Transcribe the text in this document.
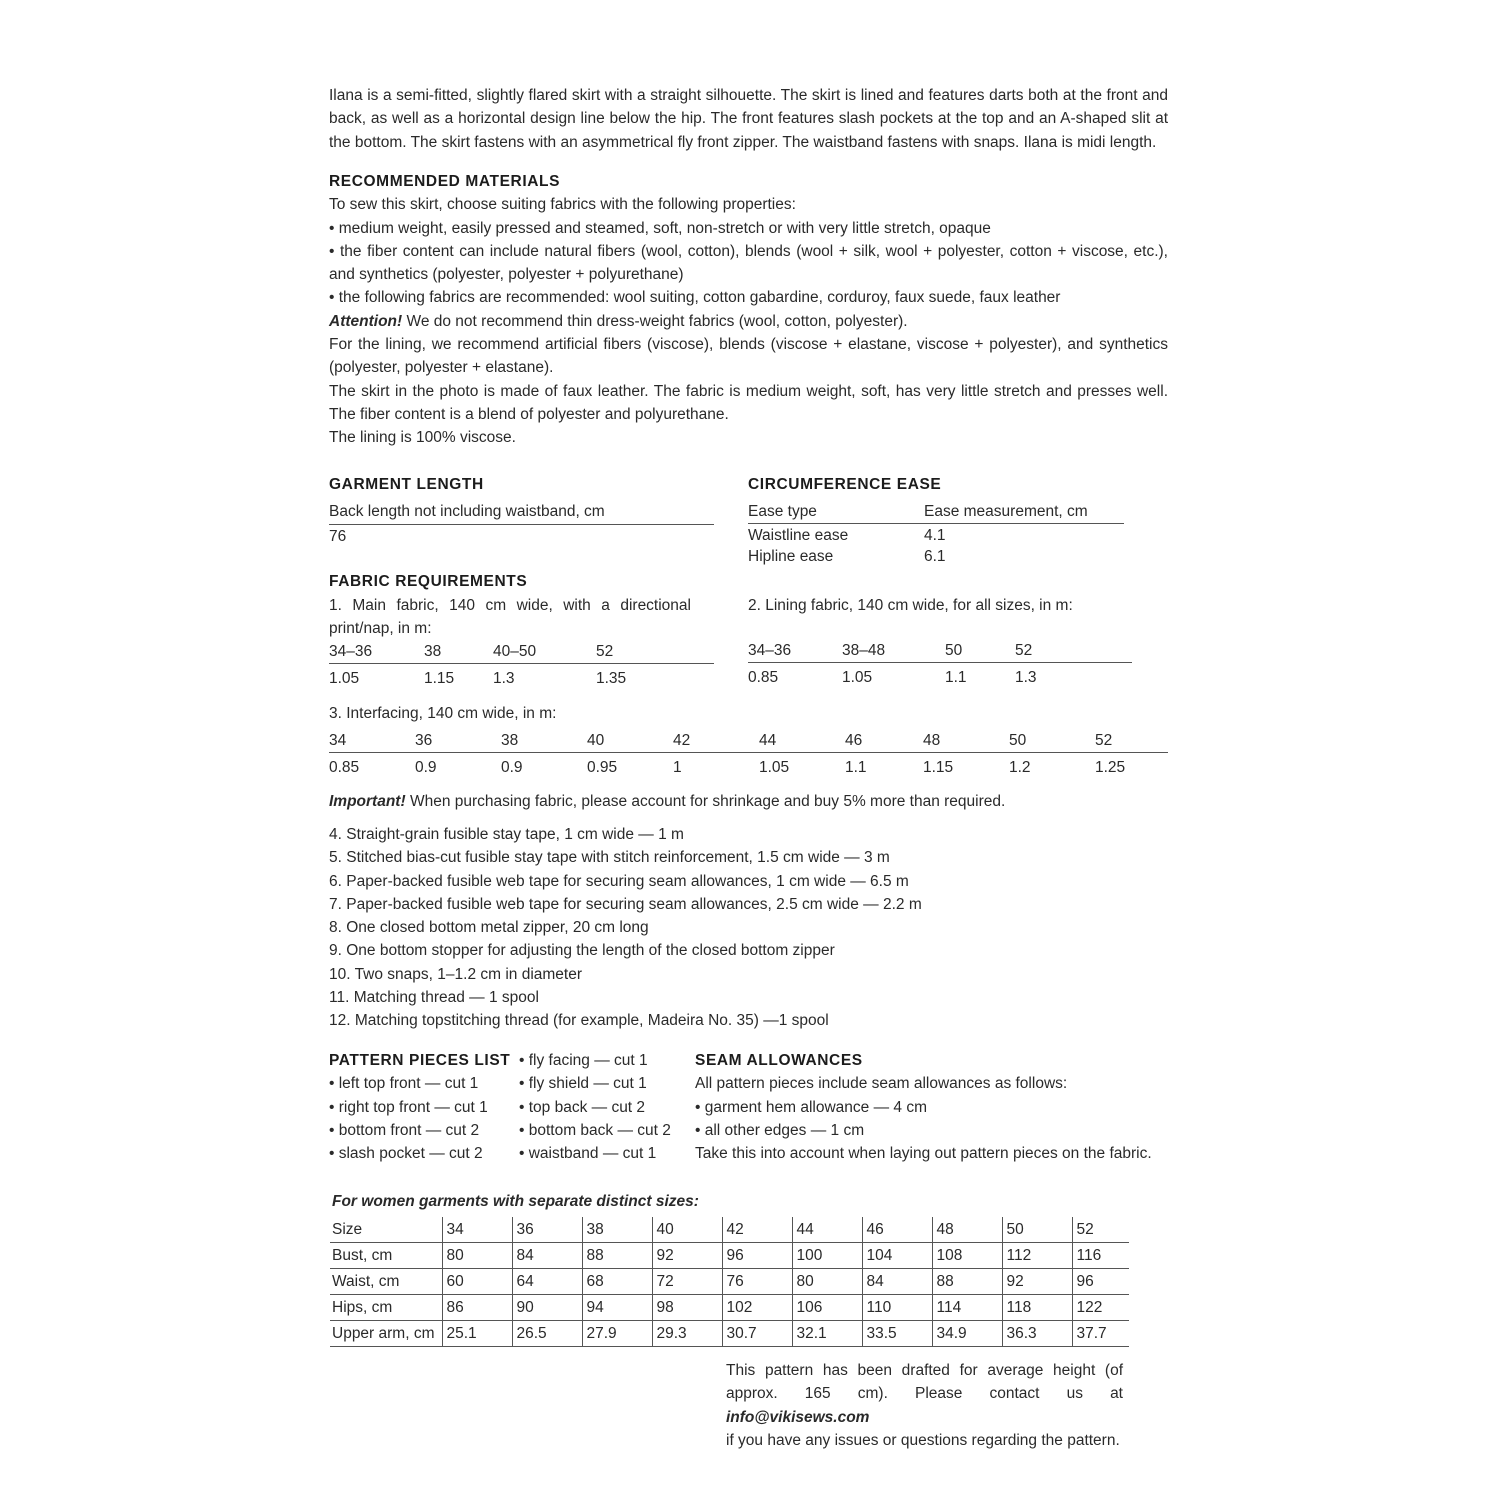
Ilana is a semi-fitted, slightly flared skirt with a straight silhouette. The skirt is lined and features darts both at the front and back, as well as a horizontal design line below the hip. The front features slash pockets at the top and an A-shaped slit at the bottom. The skirt fastens with an asymmetrical fly front zipper. The waistband fastens with snaps. Ilana is midi length.

RECOMMENDED MATERIALS

To sew this skirt, choose suiting fabrics with the following properties:

• medium weight, easily pressed and steamed, soft, non-stretch or with very little stretch, opaque

• the fiber content can include natural fibers (wool, cotton), blends (wool + silk, wool + polyester, cotton + viscose, etc.), and synthetics (polyester, polyester + polyurethane)

• the following fabrics are recommended: wool suiting, cotton gabardine, corduroy, faux suede, faux leather

Attention! We do not recommend thin dress-weight fabrics (wool, cotton, polyester).

For the lining, we recommend artificial fibers (viscose), blends (viscose + elastane, viscose + polyester), and synthetics (polyester, polyester + elastane).

The skirt in the photo is made of faux leather. The fabric is medium weight, soft, has very little stretch and presses well. The fiber content is a blend of polyester and polyurethane.

The lining is 100% viscose.

GARMENT LENGTH
Back length not including waistband, cm
76
CIRCUMFERENCE EASE
Ease type	Ease measurement, cm
Waistline ease	4.1
Hipline ease	6.1
FABRIC REQUIREMENTS

1. Main fabric, 140 cm wide, with a directional print/nap, in m:

34–36	38	40–50	52
1.05	1.15	1.3	1.35

2. Lining fabric, 140 cm wide, for all sizes, in m:

34–36	38–48	50	52
0.85	1.05	1.1	1.3

3. Interfacing, 140 cm wide, in m:

34	36	38	40	42	44	46	48	50	52
0.85	0.9	0.9	0.95	1	1.05	1.1	1.15	1.2	1.25

Important! When purchasing fabric, please account for shrinkage and buy 5% more than required.

4. Straight-grain fusible stay tape, 1 cm wide — 1 m

5. Stitched bias-cut fusible stay tape with stitch reinforcement, 1.5 cm wide — 3 m

6. Paper-backed fusible web tape for securing seam allowances, 1 cm wide — 6.5 m

7. Paper-backed fusible web tape for securing seam allowances, 2.5 cm wide — 2.2 m

8. One closed bottom metal zipper, 20 cm long

9. One bottom stopper for adjusting the length of the closed bottom zipper

10. Two snaps, 1–1.2 cm in diameter

11. Matching thread — 1 spool

12. Matching topstitching thread (for example, Madeira No. 35) —1 spool

PATTERN PIECES LIST

• left top front — cut 1

• right top front — cut 1

• bottom front — cut 2

• slash pocket — cut 2

• fly facing — cut 1

• fly shield — cut 1

• top back — cut 2

• bottom back — cut 2

• waistband — cut 1

SEAM ALLOWANCES

All pattern pieces include seam allowances as follows:

• garment hem allowance — 4 cm

• all other edges — 1 cm

Take this into account when laying out pattern pieces on the fabric.

For women garments with separate distinct sizes:
Size	34	36	38	40	42	44	46	48	50	52
Bust, cm	80	84	88	92	96	100	104	108	112	116
Waist, cm	60	64	68	72	76	80	84	88	92	96
Hips, cm	86	90	94	98	102	106	110	114	118	122
Upper arm, cm	25.1	26.5	27.9	29.3	30.7	32.1	33.5	34.9	36.3	37.7
This pattern has been drafted for average height (of approx. 165 cm). Please contact us at info@vikisews.com
if you have any issues or questions regarding the pattern.
